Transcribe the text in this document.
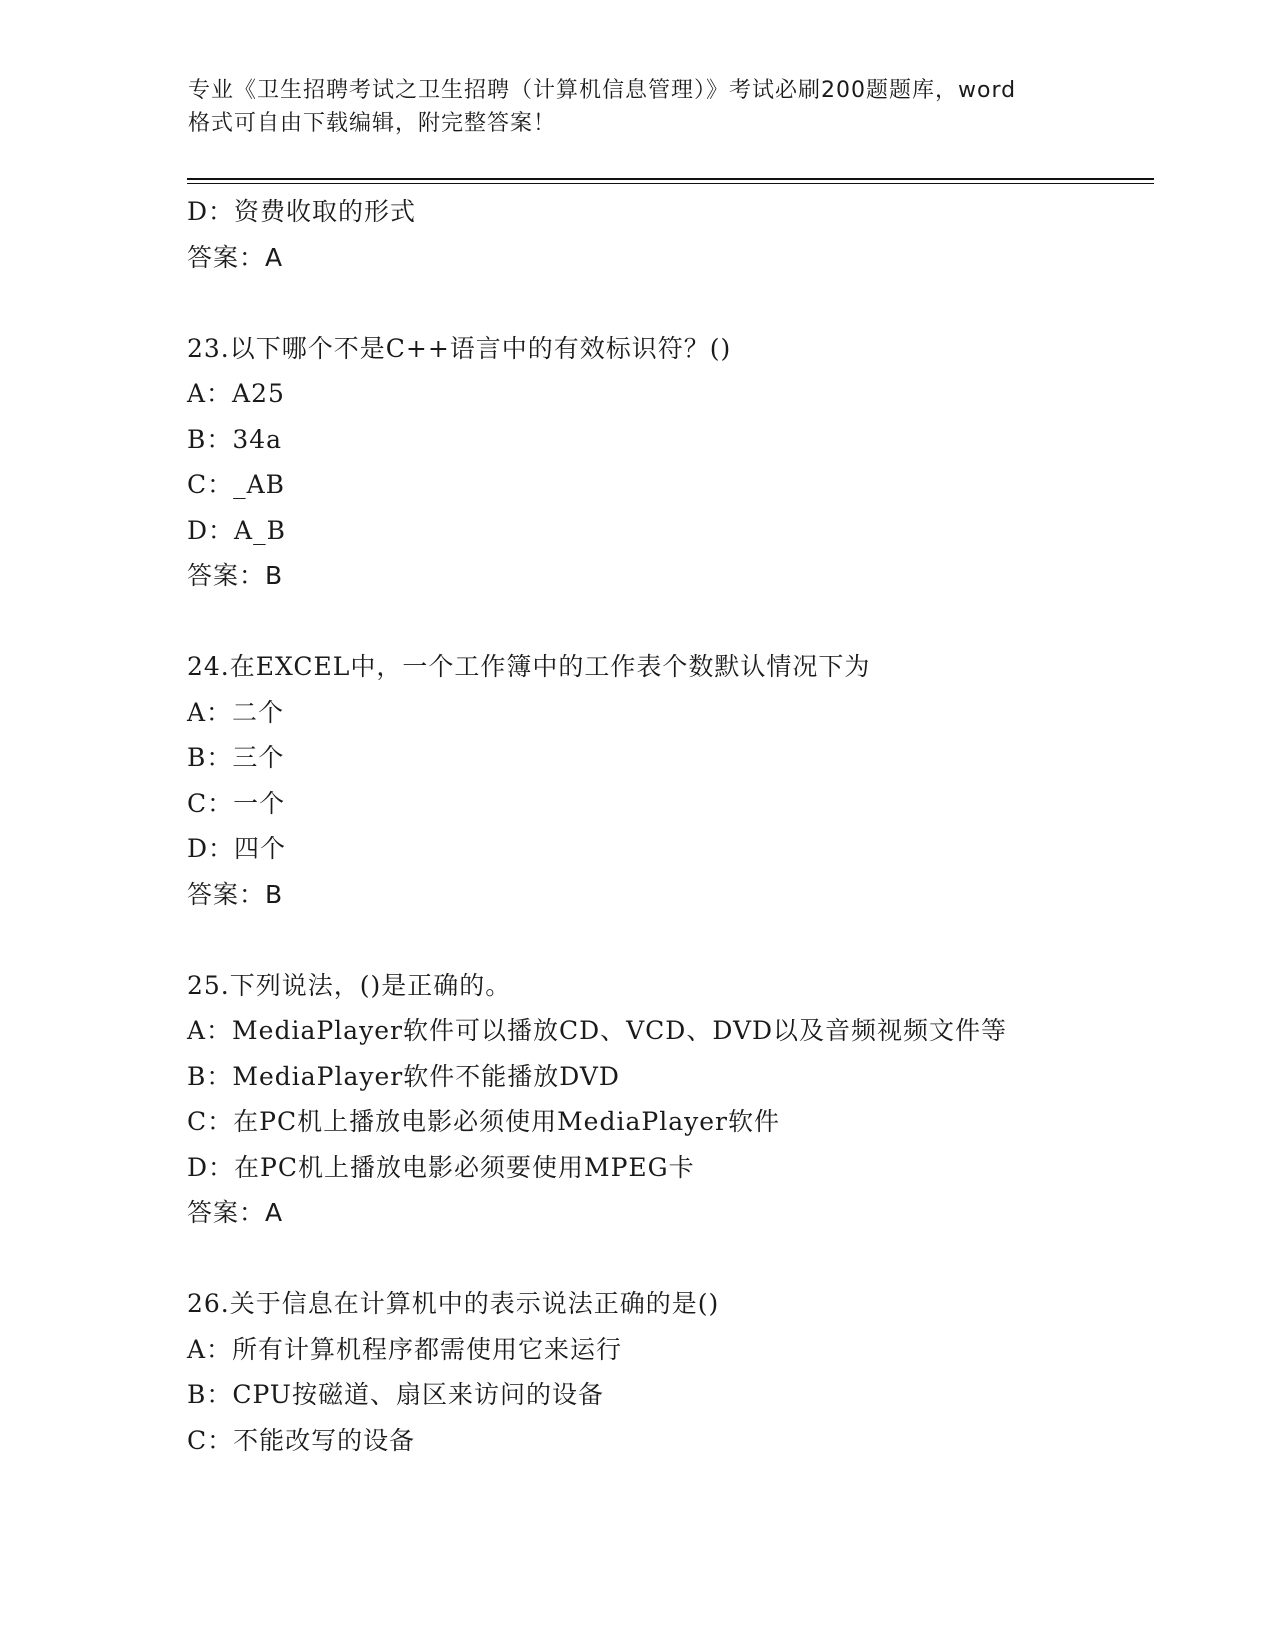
专业《卫生招聘考试之卫生招聘（计算机信息管理）》考试必刷200题题库，word
格式可自由下载编辑，附完整答案！
D：资费收取的形式
答案：A
23.以下哪个不是C++语言中的有效标识符？()
A：A25
B：34a
C：_AB
D：A_B
答案：B
24.在EXCEL中，一个工作簿中的工作表个数默认情况下为
A：二个
B：三个
C：一个
D：四个
答案：B
25.下列说法，()是正确的。
A：MediaPlayer软件可以播放CD、VCD、DVD以及音频视频文件等
B：MediaPlayer软件不能播放DVD
C：在PC机上播放电影必须使用MediaPlayer软件
D：在PC机上播放电影必须要使用MPEG卡
答案：A
26.关于信息在计算机中的表示说法正确的是()
A：所有计算机程序都需使用它来运行
B：CPU按磁道、扇区来访问的设备
C：不能改写的设备
